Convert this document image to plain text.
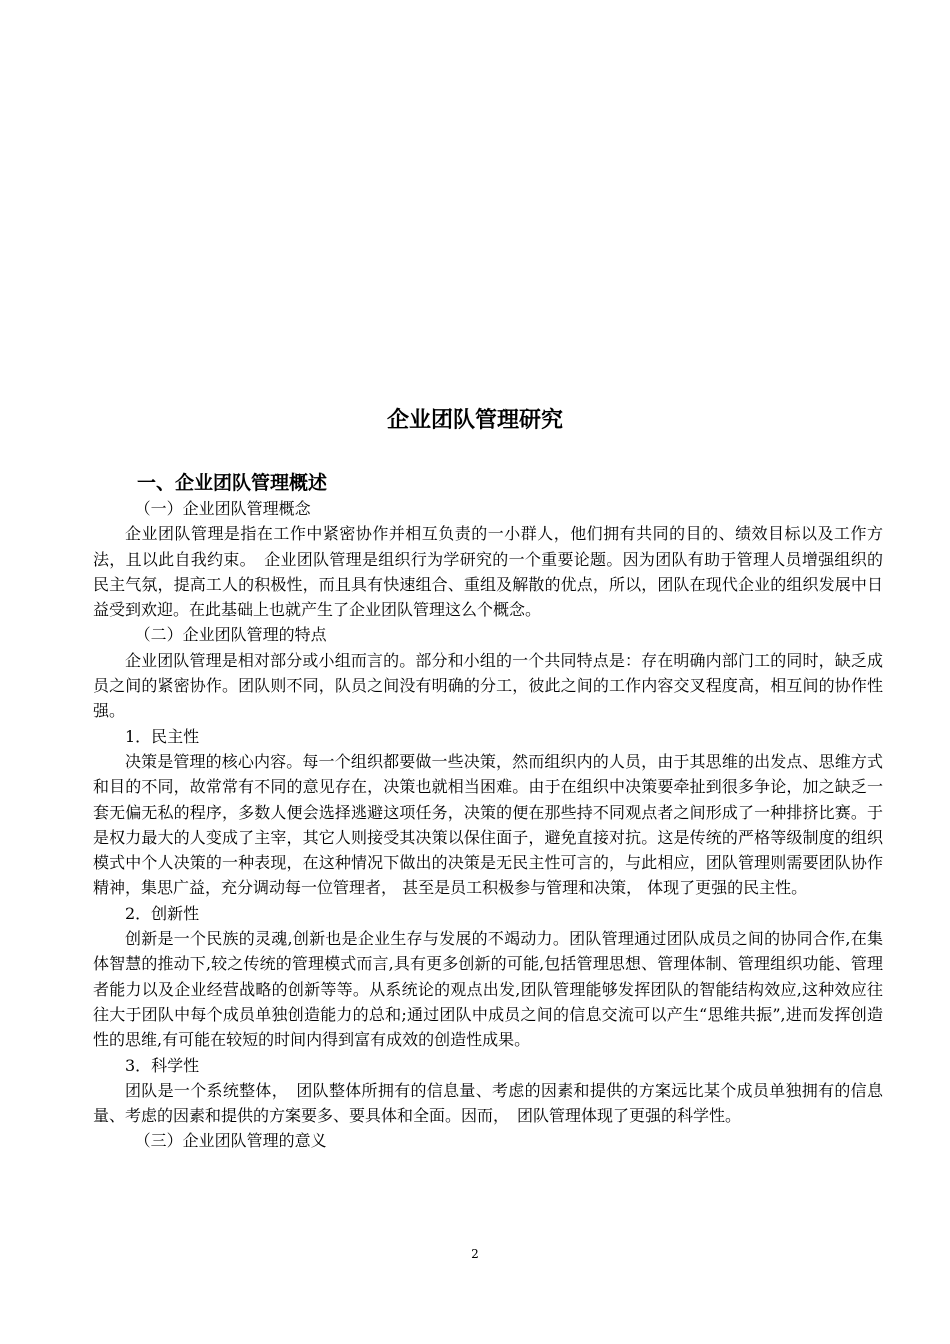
企业团队管理研究
一、企业团队管理概述

（一）企业团队管理概念

企业团队管理是指在工作中紧密协作并相互负责的一小群人，他们拥有共同的目的、绩效目标以及工作方法，且以此自我约束。　企业团队管理是组织行为学研究的一个重要论题。因为团队有助于管理人员增强组织的民主气氛，提高工人的积极性，而且具有快速组合、重组及解散的优点，所以，团队在现代企业的组织发展中日益受到欢迎。在此基础上也就产生了企业团队管理这么个概念。

（二）企业团队管理的特点

企业团队管理是相对部分或小组而言的。部分和小组的一个共同特点是：存在明确内部门工的同时，缺乏成员之间的紧密协作。团队则不同，队员之间没有明确的分工，彼此之间的工作内容交叉程度高，相互间的协作性强。

1．民主性

决策是管理的核心内容。每一个组织都要做一些决策，然而组织内的人员，由于其思维的出发点、思维方式和目的不同，故常常有不同的意见存在，决策也就相当困难。由于在组织中决策要牵扯到很多争论，加之缺乏一套无偏无私的程序，多数人便会选择逃避这项任务，决策的便在那些持不同观点者之间形成了一种排挤比赛。于是权力最大的人变成了主宰，其它人则接受其决策以保住面子，避免直接对抗。这是传统的严格等级制度的组织模式中个人决策的一种表现，在这种情况下做出的决策是无民主性可言的，与此相应，团队管理则需要团队协作精神，集思广益，充分调动每一位管理者， 甚至是员工积极参与管理和决策， 体现了更强的民主性。

2．创新性

创新是一个民族的灵魂,创新也是企业生存与发展的不竭动力。团队管理通过团队成员之间的协同合作,在集体智慧的推动下,较之传统的管理模式而言,具有更多创新的可能,包括管理思想、管理体制、管理组织功能、管理者能力以及企业经营战略的创新等等。从系统论的观点出发,团队管理能够发挥团队的智能结构效应,这种效应往往大于团队中每个成员单独创造能力的总和;通过团队中成员之间的信息交流可以产生“思维共振”,进而发挥创造性的思维,有可能在较短的时间内得到富有成效的创造性成果。

3．科学性

团队是一个系统整体，　团队整体所拥有的信息量、考虑的因素和提供的方案远比某个成员单独拥有的信息量、考虑的因素和提供的方案要多、要具体和全面。因而，　团队管理体现了更强的科学性。

（三）企业团队管理的意义

2
